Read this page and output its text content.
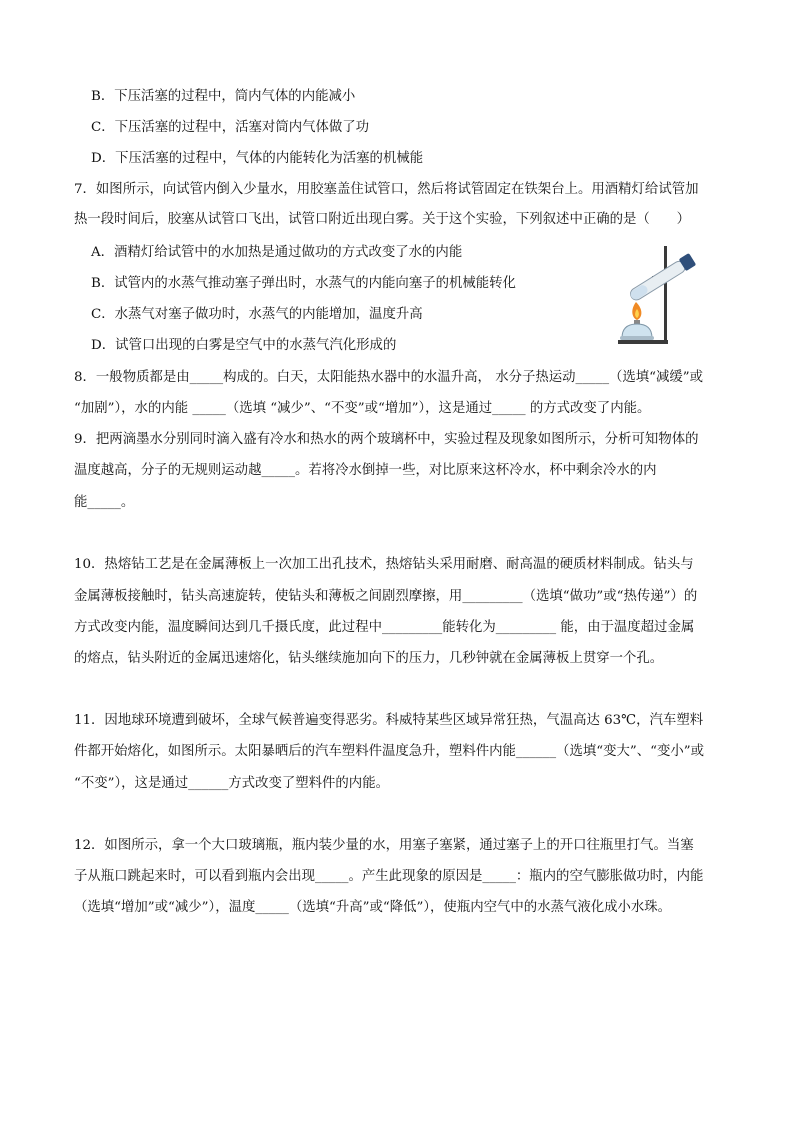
B．下压活塞的过程中，筒内气体的内能减小
C．下压活塞的过程中，活塞对筒内气体做了功
D．下压活塞的过程中，气体的内能转化为活塞的机械能
7．如图所示，向试管内倒入少量水，用胶塞盖住试管口，然后将试管固定在铁架台上。用酒精灯给试管加
热一段时间后，胶塞从试管口飞出，试管口附近出现白雾。关于这个实验，下列叙述中正确的是（　　）
A．酒精灯给试管中的水加热是通过做功的方式改变了水的内能
B．试管内的水蒸气推动塞子弹出时，水蒸气的内能向塞子的机械能转化
C．水蒸气对塞子做功时，水蒸气的内能增加，温度升高
D．试管口出现的白雾是空气中的水蒸气汽化形成的
8．一般物质都是由_____构成的。白天，太阳能热水器中的水温升高， 水分子热运动_____（选填“减缓”或
“加剧”），水的内能 _____（选填 “减少”、“不变”或“增加”），这是通过_____ 的方式改变了内能。
9．把两滴墨水分别同时滴入盛有冷水和热水的两个玻璃杯中，实验过程及现象如图所示，分析可知物体的
温度越高，分子的无规则运动越_____。若将冷水倒掉一些，对比原来这杯冷水，杯中剩余冷水的内
能_____。
10．热熔钻工艺是在金属薄板上一次加工出孔技术，热熔钻头采用耐磨、耐高温的硬质材料制成。钻头与
金属薄板接触时，钻头高速旋转，使钻头和薄板之间剧烈摩擦，用_________（选填“做功”或“热传递”）的
方式改变内能，温度瞬间达到几千摄氏度，此过程中_________能转化为_________ 能，由于温度超过金属
的熔点，钻头附近的金属迅速熔化，钻头继续施加向下的压力，几秒钟就在金属薄板上贯穿一个孔。
11．因地球环境遭到破坏，全球气候普遍变得恶劣。科威特某些区域异常狂热，气温高达 63℃，汽车塑料
件都开始熔化，如图所示。太阳暴晒后的汽车塑料件温度急升，塑料件内能______（选填“变大”、“变小”或
“不变”），这是通过______方式改变了塑料件的内能。
12．如图所示，拿一个大口玻璃瓶，瓶内装少量的水，用塞子塞紧，通过塞子上的开口往瓶里打气。当塞
子从瓶口跳起来时，可以看到瓶内会出现_____。产生此现象的原因是_____：瓶内的空气膨胀做功时，内能
（选填“增加”或“减少”），温度_____（选填“升高”或“降低”），使瓶内空气中的水蒸气液化成小水珠。
